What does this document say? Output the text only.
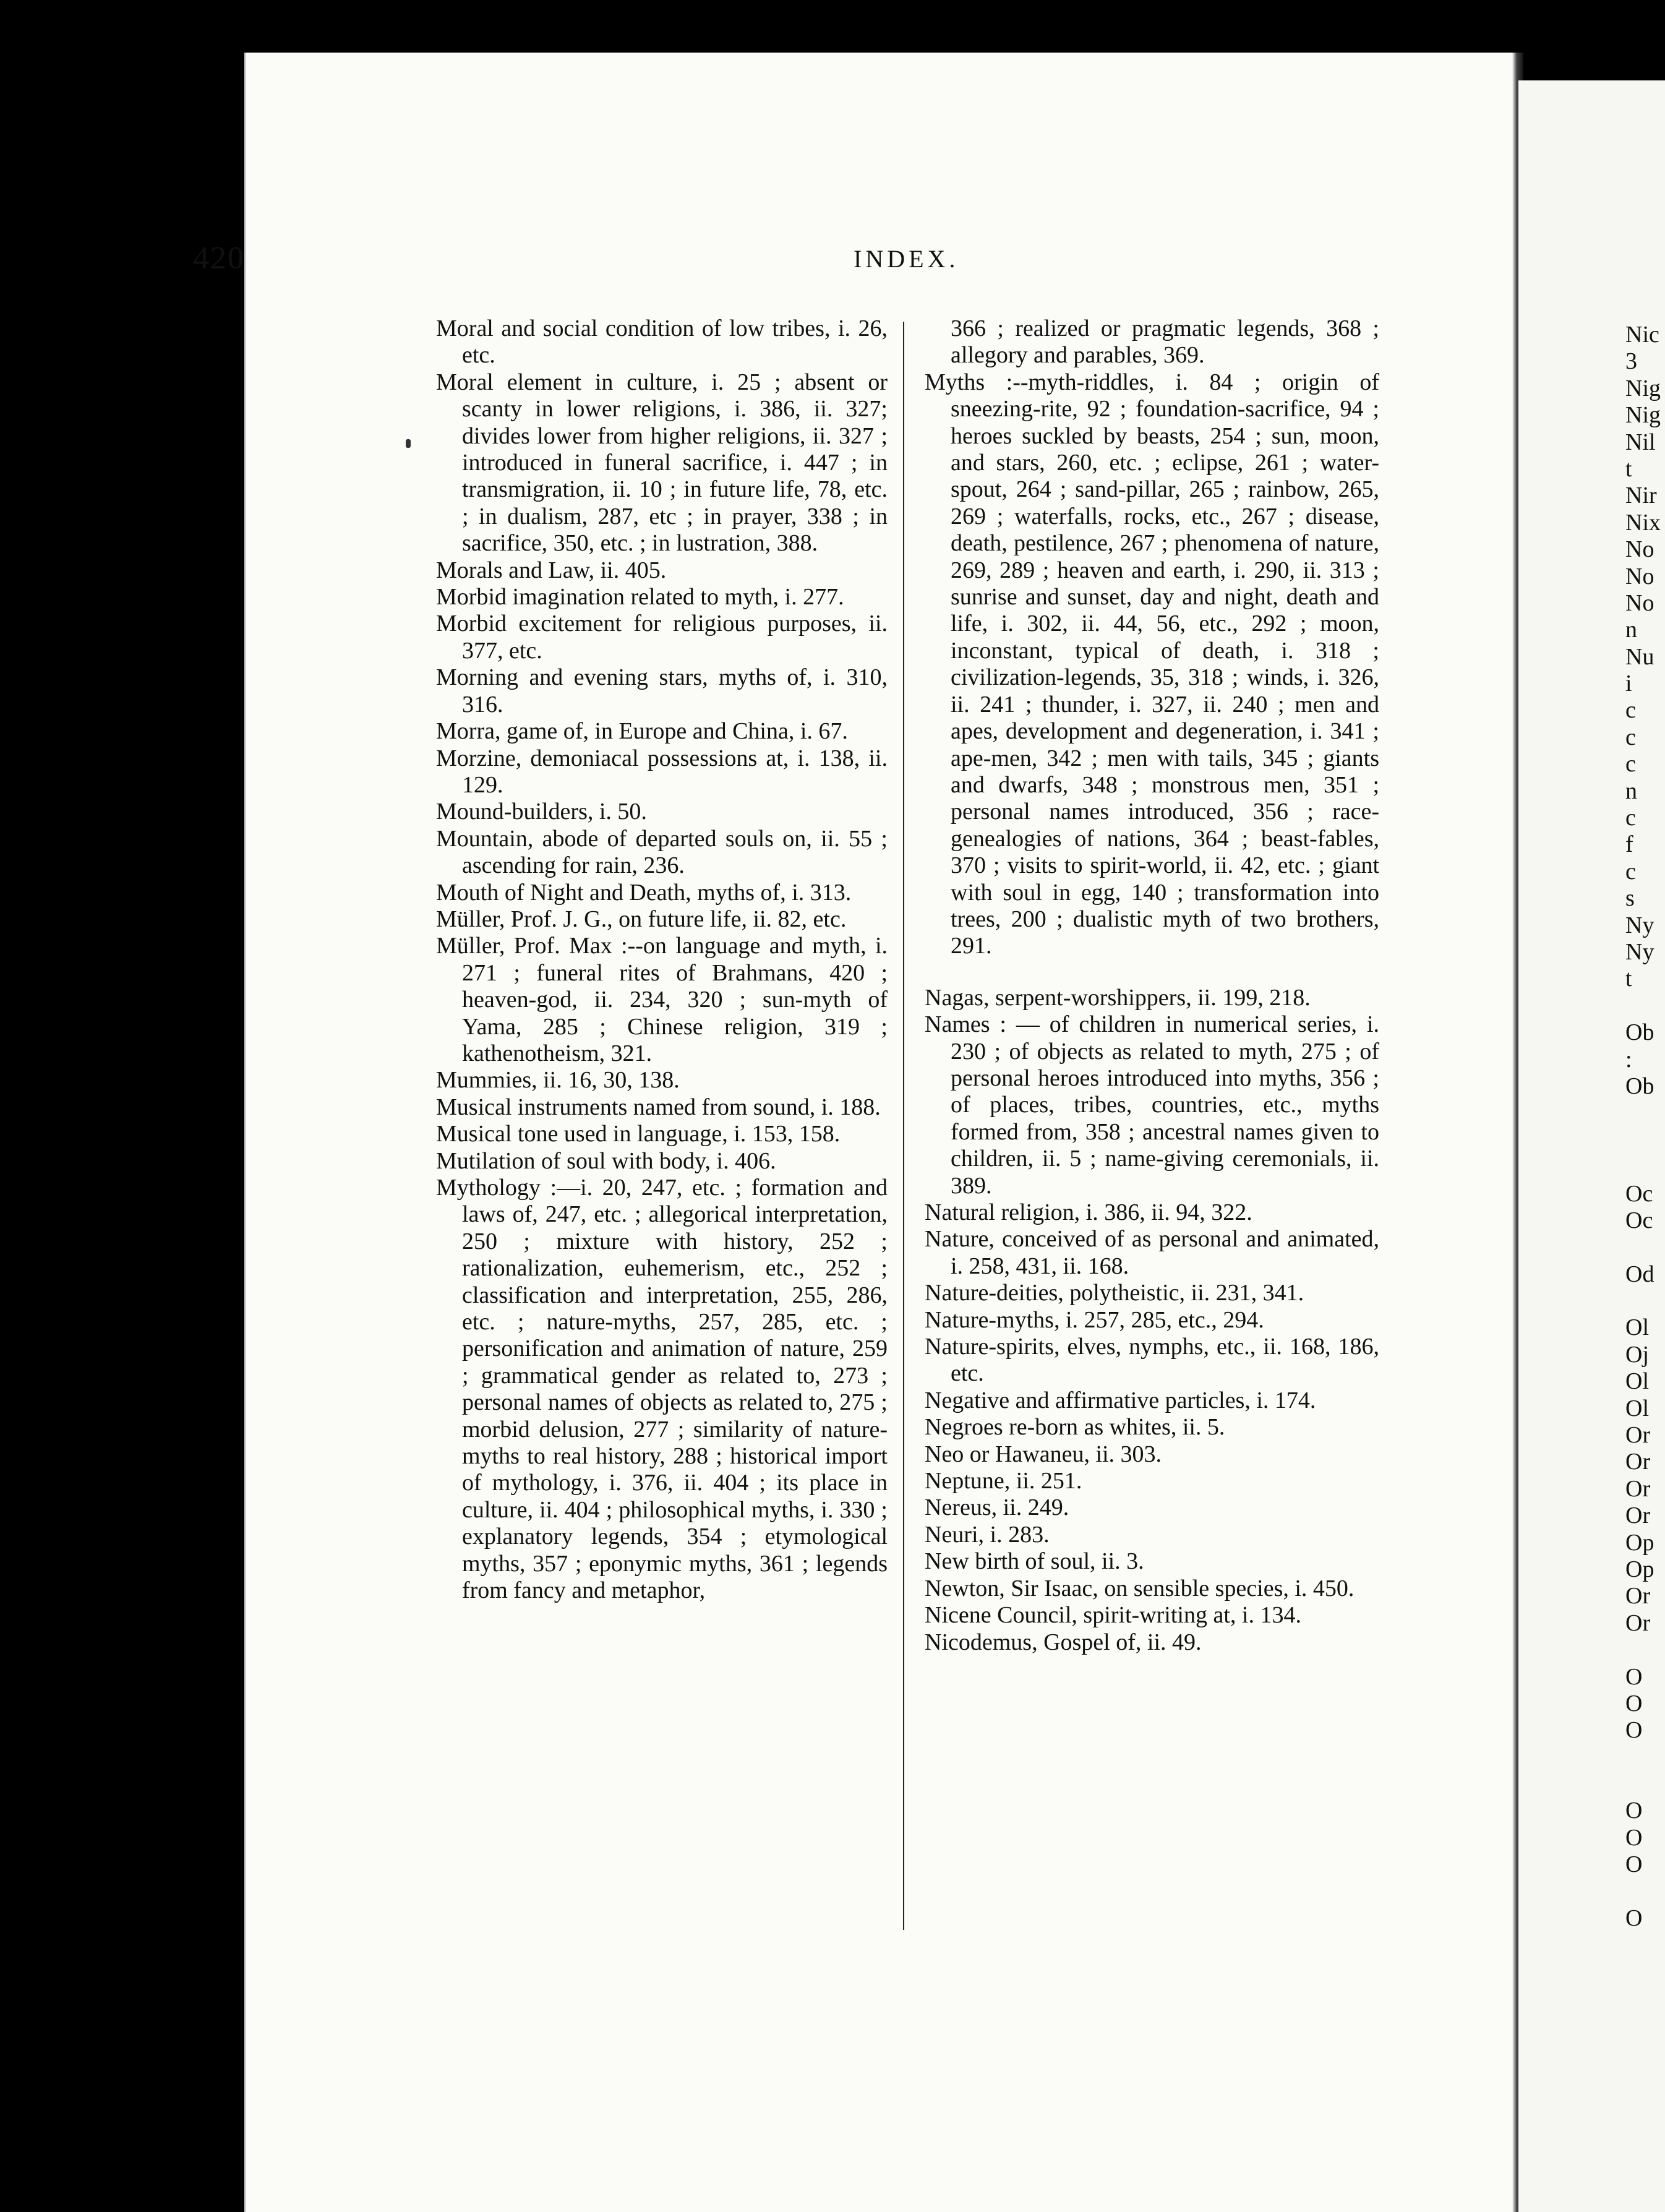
420	INDEX.

Moral and social condition of low tribes, i. 26, etc.

Moral element in culture, i. 25 ; absent or scanty in lower religions, i. 386, ii. 327; divides lower from higher religions, ii. 327 ; introduced in funeral sacrifice, i. 447 ; in transmigration, ii. 10 ; in future life, 78, etc. ; in dualism, 287, etc ; in prayer, 338 ; in sacrifice, 350, etc. ; in lustration, 388.

Morals and Law, ii. 405.

Morbid imagination related to myth, i. 277.

Morbid excitement for religious purposes, ii. 377, etc.

Morning and evening stars, myths of, i. 310, 316.

Morra, game of, in Europe and China, i. 67.

Morzine, demoniacal possessions at, i. 138, ii. 129.

Mound-builders, i. 50.

Mountain, abode of departed souls on, ii. 55 ; ascending for rain, 236.

Mouth of Night and Death, myths of, i. 313.

Müller, Prof. J. G., on future life, ii. 82, etc.

Müller, Prof. Max :--on language and myth, i. 271 ; funeral rites of Brahmans, 420 ; heaven-god, ii. 234, 320 ; sun-myth of Yama, 285 ; Chinese religion, 319 ; kathenotheism, 321.

Mummies, ii. 16, 30, 138.

Musical instruments named from sound, i. 188.

Musical tone used in language, i. 153, 158.

Mutilation of soul with body, i. 406.

Mythology :—i. 20, 247, etc. ; formation and laws of, 247, etc. ; allegorical interpretation, 250 ; mixture with history, 252 ; rationalization, euhemerism, etc., 252 ; classification and interpretation, 255, 286, etc. ; nature-myths, 257, 285, etc. ; personification and animation of nature, 259 ; grammatical gender as related to, 273 ; personal names of objects as related to, 275 ; morbid delusion, 277 ; similarity of nature-myths to real history, 288 ; historical import of mythology, i. 376, ii. 404 ; its place in culture, ii. 404 ; philosophical myths, i. 330 ; explanatory legends, 354 ; etymological myths, 357 ; eponymic myths, 361 ; legends from fancy and metaphor,

366 ; realized or pragmatic legends, 368 ; allegory and parables, 369.

Myths :--myth-riddles, i. 84 ; origin of sneezing-rite, 92 ; foundation-sacrifice, 94 ; heroes suckled by beasts, 254 ; sun, moon, and stars, 260, etc. ; eclipse, 261 ; water-spout, 264 ; sand-pillar, 265 ; rainbow, 265, 269 ; waterfalls, rocks, etc., 267 ; disease, death, pestilence, 267 ; phenomena of nature, 269, 289 ; heaven and earth, i. 290, ii. 313 ; sunrise and sunset, day and night, death and life, i. 302, ii. 44, 56, etc., 292 ; moon, inconstant, typical of death, i. 318 ; civilization-legends, 35, 318 ; winds, i. 326, ii. 241 ; thunder, i. 327, ii. 240 ; men and apes, development and degeneration, i. 341 ; ape-men, 342 ; men with tails, 345 ; giants and dwarfs, 348 ; monstrous men, 351 ; personal names introduced, 356 ; race-genealogies of nations, 364 ; beast-fables, 370 ; visits to spirit-world, ii. 42, etc. ; giant with soul in egg, 140 ; transformation into trees, 200 ; dualistic myth of two brothers, 291.

Nagas, serpent-worshippers, ii. 199, 218.

Names : — of children in numerical series, i. 230 ; of objects as related to myth, 275 ; of personal heroes introduced into myths, 356 ; of places, tribes, countries, etc., myths formed from, 358 ; ancestral names given to children, ii. 5 ; name-giving ceremonials, ii. 389.

Natural religion, i. 386, ii. 94, 322.

Nature, conceived of as personal and animated, i. 258, 431, ii. 168.

Nature-deities, polytheistic, ii. 231, 341.

Nature-myths, i. 257, 285, etc., 294.

Nature-spirits, elves, nymphs, etc., ii. 168, 186, etc.

Negative and affirmative particles, i. 174.

Negroes re-born as whites, ii. 5.

Neo or Hawaneu, ii. 303.

Neptune, ii. 251.

Nereus, ii. 249.

Neuri, i. 283.

New birth of soul, ii. 3.

Newton, Sir Isaac, on sensible species, i. 450.

Nicene Council, spirit-writing at, i. 134.

Nicodemus, Gospel of, ii. 49.

Nic
3
Nig
Nig
Nil
t
Nir
Nix
No
No
No
n
Nu
i
c
c
c
n
c
f
c
s
Ny
Ny
t
Ob
:
Ob
Oc
Oc
Od
Ol
Oj
Ol
Ol
Or
Or
Or
Or
Op
Op
Or
Or
O
O
O
O
O
O
O
